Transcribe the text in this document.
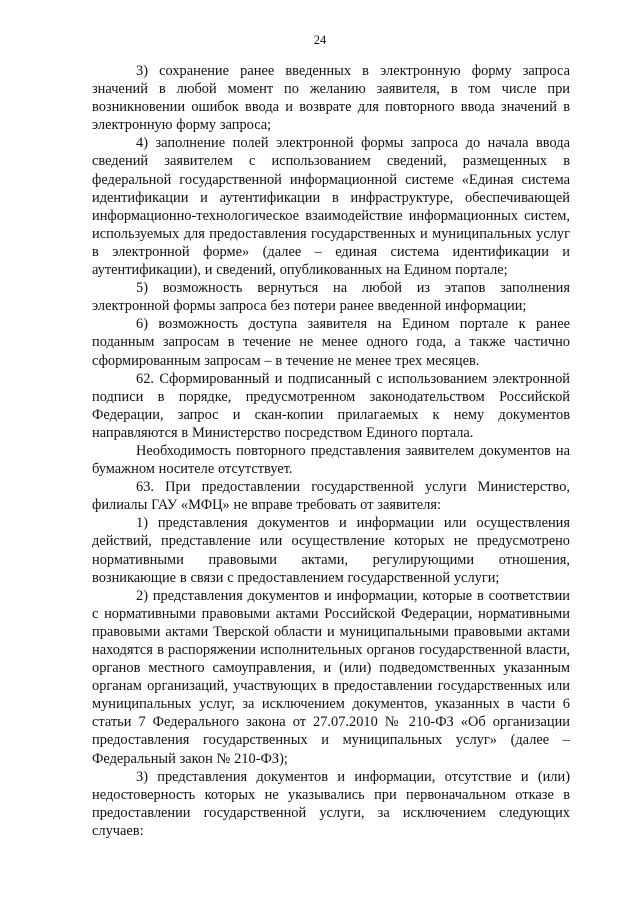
24

3) сохранение ранее введенных в электронную форму запроса значений в любой момент по желанию заявителя, в том числе при возникновении ошибок ввода и возврате для повторного ввода значений в электронную форму запроса;

4) заполнение полей электронной формы запроса до начала ввода сведений заявителем с использованием сведений, размещенных в федеральной государственной информационной системе «Единая система идентификации и аутентификации в инфраструктуре, обеспечивающей информационно-технологическое взаимодействие информационных систем, используемых для предоставления государственных и муниципальных услуг в электронной форме» (далее – единая система идентификации и аутентификации), и сведений, опубликованных на Едином портале;

5) возможность вернуться на любой из этапов заполнения электронной формы запроса без потери ранее введенной информации;

6) возможность доступа заявителя на Едином портале к ранее поданным запросам в течение не менее одного года, а также частично сформированным запросам – в течение не менее трех месяцев.

62. Сформированный и подписанный с использованием электронной подписи в порядке, предусмотренном законодательством Российской Федерации, запрос и скан-копии прилагаемых к нему документов направляются в Министерство посредством Единого портала.

Необходимость повторного представления заявителем документов на бумажном носителе отсутствует.

63. При предоставлении государственной услуги Министерство, филиалы ГАУ «МФЦ» не вправе требовать от заявителя:

1) представления документов и информации или осуществления действий, представление или осуществление которых не предусмотрено нормативными правовыми актами, регулирующими отношения, возникающие в связи с предоставлением государственной услуги;

2) представления документов и информации, которые в соответствии с нормативными правовыми актами Российской Федерации, нормативными правовыми актами Тверской области и муниципальными правовыми актами находятся в распоряжении исполнительных органов государственной власти, органов местного самоуправления, и (или) подведомственных указанным органам организаций, участвующих в предоставлении государственных или муниципальных услуг, за исключением документов, указанных в части 6 статьи 7 Федерального закона от 27.07.2010 № 210-ФЗ «Об организации предоставления государственных и муниципальных услуг» (далее – Федеральный закон № 210-ФЗ);

3) представления документов и информации, отсутствие и (или) недостоверность которых не указывались при первоначальном отказе в предоставлении государственной услуги, за исключением следующих случаев:
